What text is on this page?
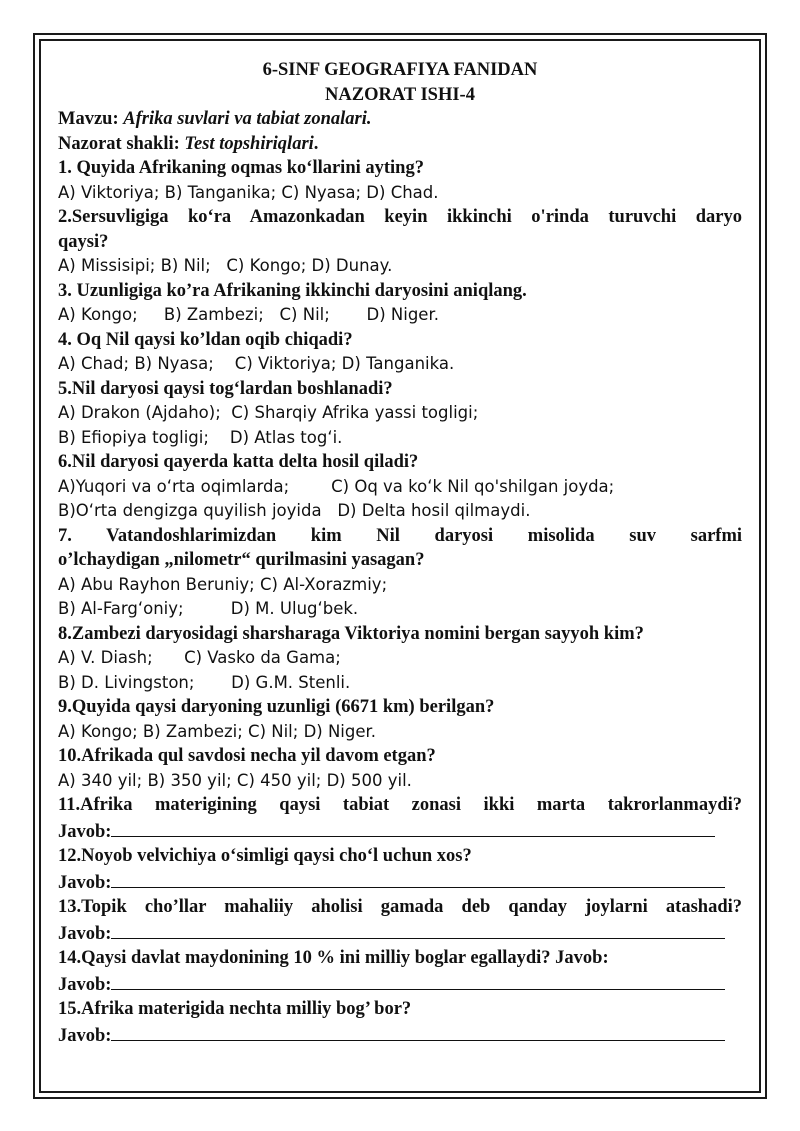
6-SINF GEOGRAFIYA FANIDAN
NAZORAT ISHI-4
Mavzu: Afrika suvlari va tabiat zonalari.
Nazorat shakli: Test topshiriqlari.
1. Quyida Afrikaning oqmas koʻllarini ayting?
A) Viktoriya; B) Tanganika; C) Nyasa; D) Chad.
2.Sersuvligiga koʻra Amazonkadan keyin ikkinchi o'rinda turuvchi daryo
qaysi?
A) Missisipi; B) Nil;   C) Kongo; D) Dunay.
3. Uzunligiga ko’ra Afrikaning ikkinchi daryosini aniqlang.
A) Kongo;     B) Zambezi;   C) Nil;       D) Niger.
4. Oq Nil qaysi ko’ldan oqib chiqadi?
A) Chad; B) Nyasa;    C) Viktoriya; D) Tanganika.
5.Nil daryosi qaysi togʻlardan boshlanadi?
A) Drakon (Ajdaho);  C) Sharqiy Afrika yassi togligi;
B) Efiopiya togligi;    D) Atlas togʻi.
6.Nil daryosi qayerda katta delta hosil qiladi?
A)Yuqori va oʻrta oqimlarda;        C) Oq va koʻk Nil qo'shilgan joyda;
B)Oʻrta dengizga quyilish joyida   D) Delta hosil qilmaydi.
7. Vatandoshlarimizdan kim Nil daryosi misolida suv sarfmi
o’lchaydigan „nilometr“ qurilmasini yasagan?
A) Abu Rayhon Beruniy; C) Al-Xorazmiy;
B) Al-Fargʻoniy;         D) M. Ulugʻbek.
8.Zambezi daryosidagi sharsharaga Viktoriya nomini bergan sayyoh kim?
A) V. Diash;      C) Vasko da Gama;
B) D. Livingston;       D) G.M. Stenli.
9.Quyida qaysi daryoning uzunligi (6671 km) berilgan?
A) Kongo; B) Zambezi; C) Nil; D) Niger.
10.Afrikada qul savdosi necha yil davom etgan?
A) 340 yil; B) 350 yil; C) 450 yil; D) 500 yil.
11.Afrika materigining qaysi tabiat zonasi ikki marta takrorlanmaydi?
Javob:
12.Noyob velvichiya oʻsimligi qaysi choʻl uchun xos?
Javob:
13.Topik cho’llar mahaliiy aholisi gamada deb qanday joylarni atashadi?
Javob:
14.Qaysi davlat maydonining 10 % ini milliy boglar egallaydi? Javob:
Javob:
15.Afrika materigida nechta milliy bog’ bor?
Javob:
